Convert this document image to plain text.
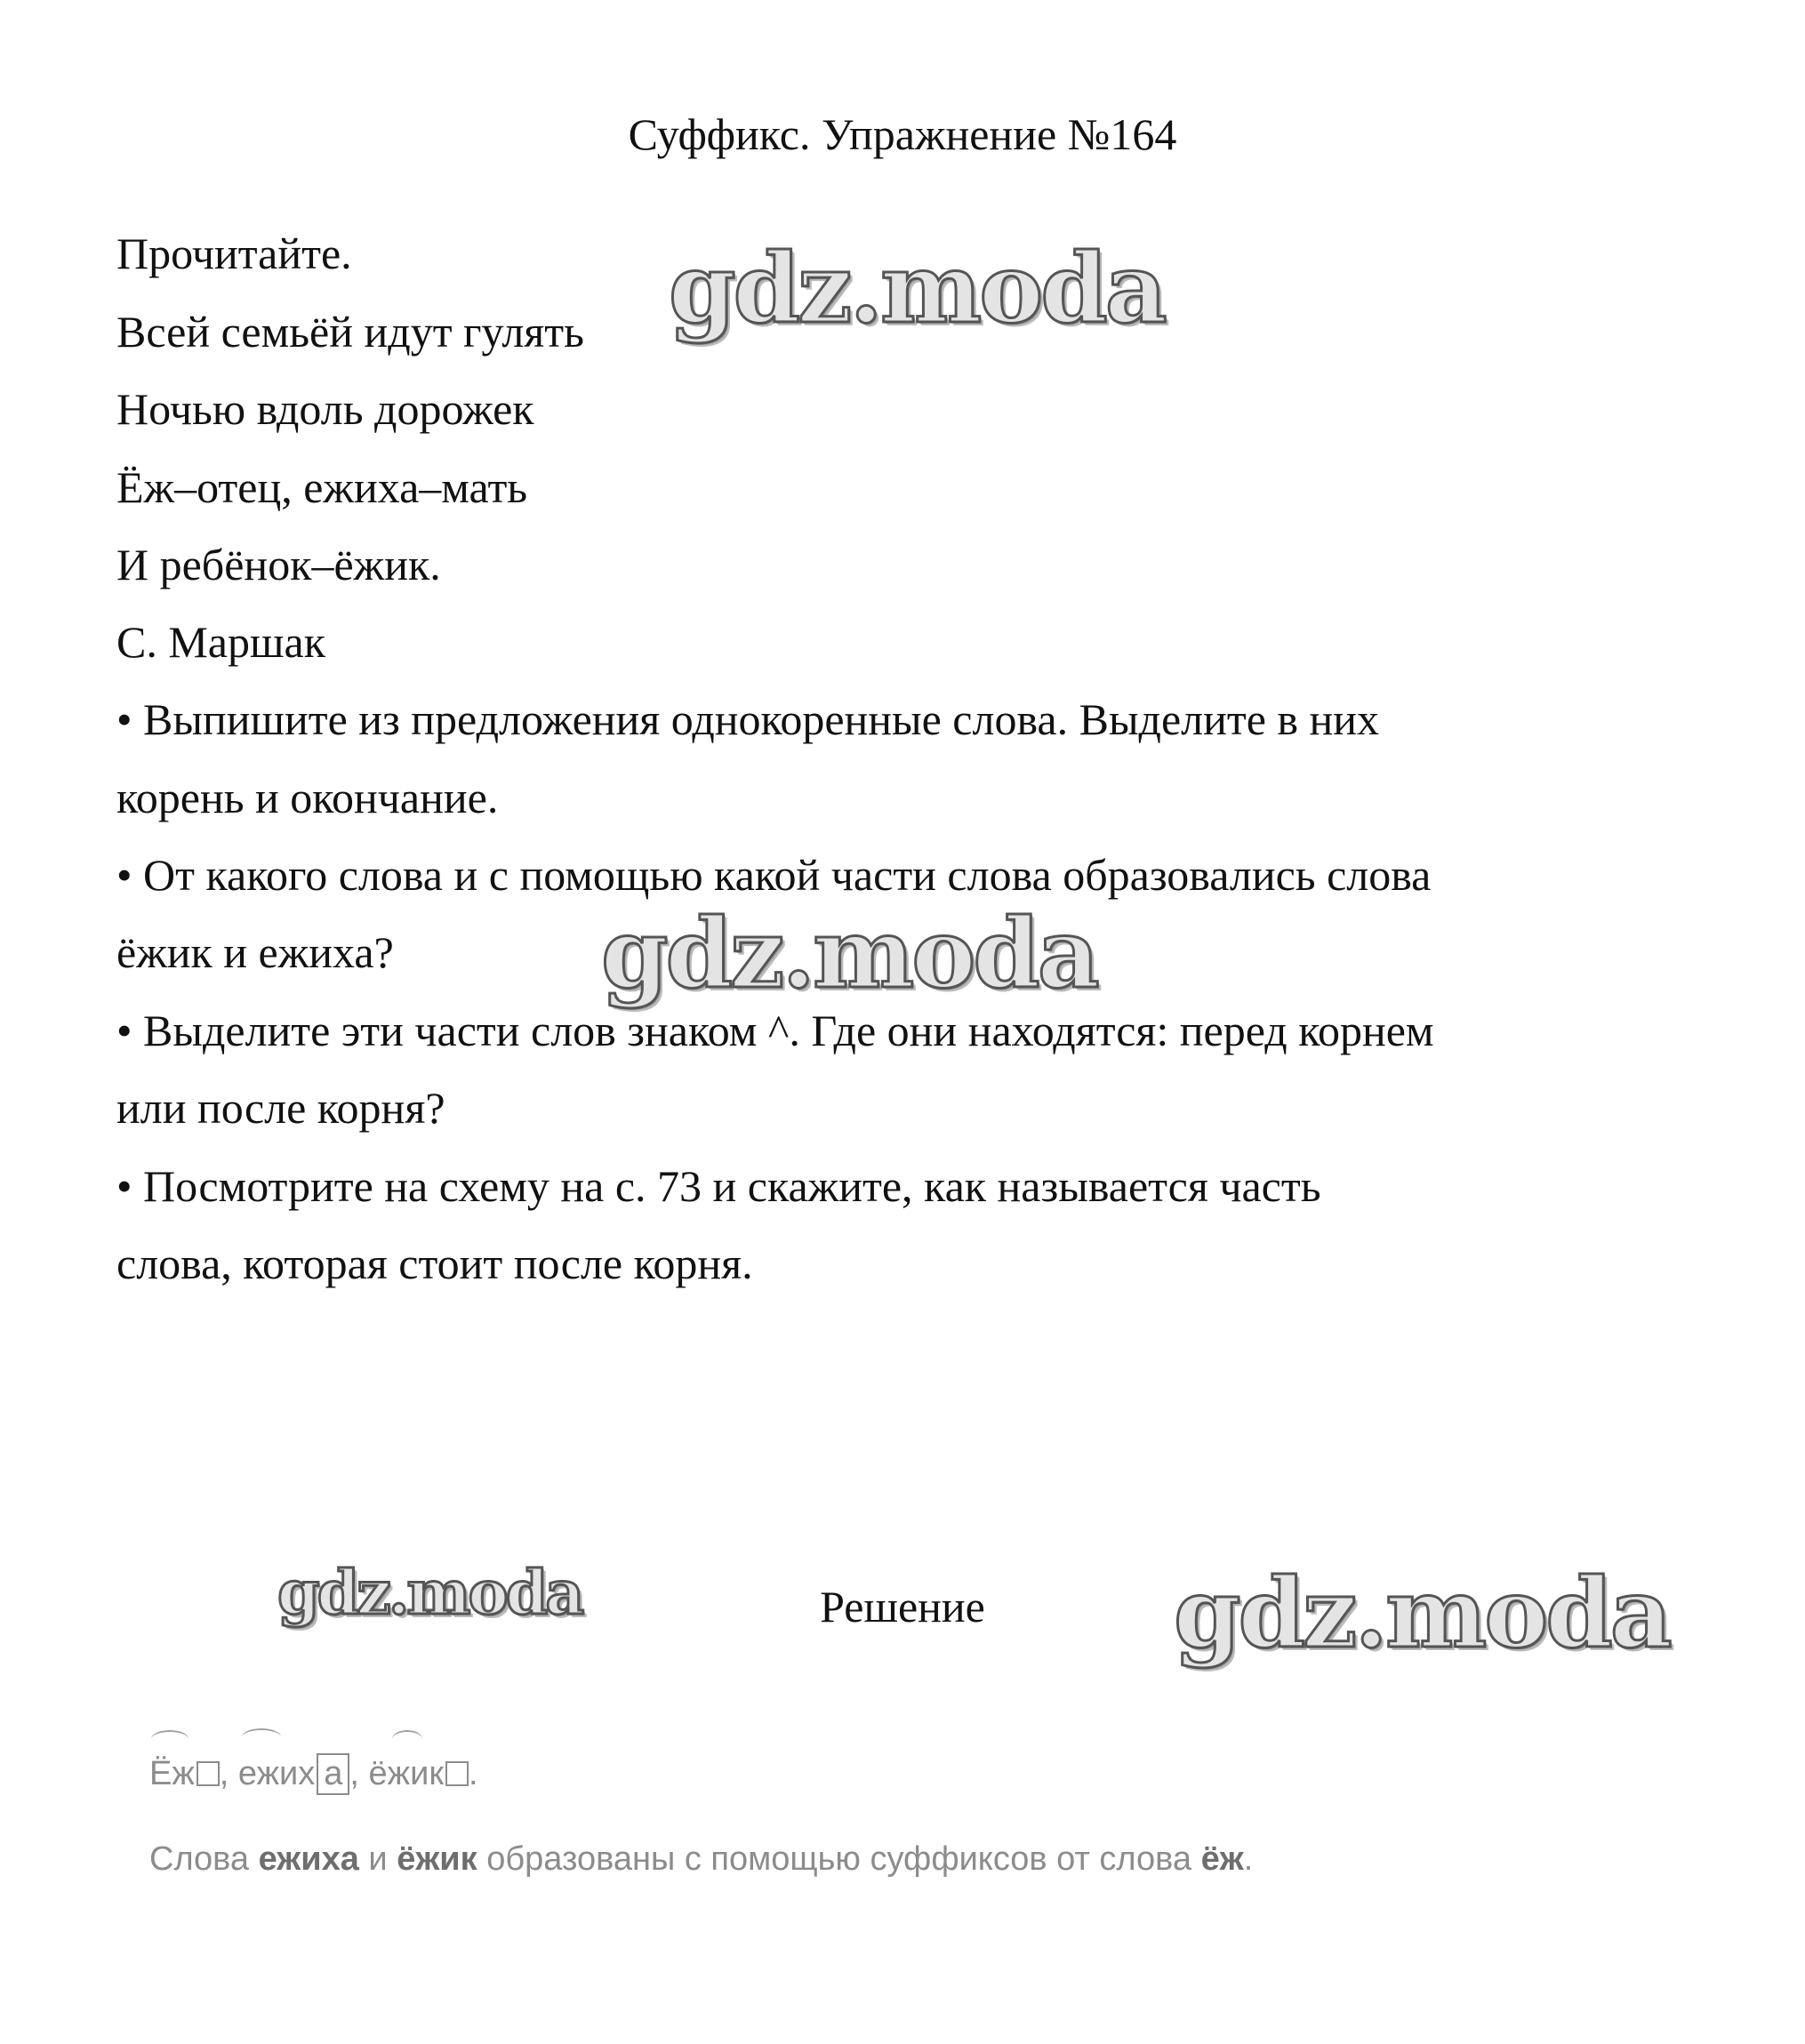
Суффикс. Упражнение №164
Прочитайте.
Всей семьёй идут гулять
Ночью вдоль дорожек
Ёж–отец, ежиха–мать
И ребёнок–ёжик.
С. Маршак
• Выпишите из предложения однокоренные слова. Выделите в них
корень и окончание.
• От какого слова и с помощью какой части слова образовались слова
ёжик и ежиха?
• Выделите эти части слов знаком ^. Где они находятся: перед корнем
или после корня?
• Посмотрите на схему на с. 73 и скажите, как называется часть
слова, которая стоит после корня.
gdz.moda
gdz.moda
gdz.moda	gdz.moda
Решение
Ёж ,
ежих а ,
ёжик .
Слова ежиха и ёжик образованы с помощью суффиксов от слова ёж.
